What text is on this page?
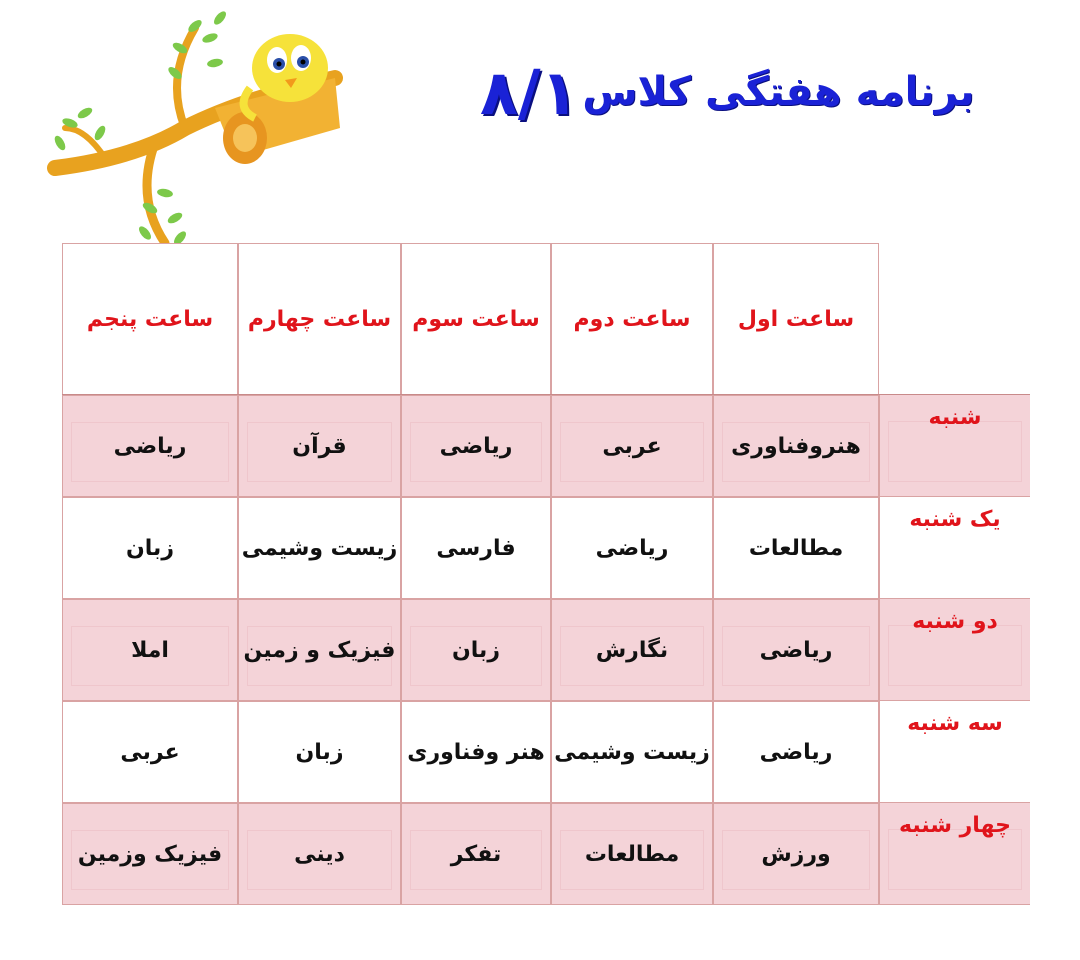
برنامه هفتگی کلاس
۸/۱
ساعت اول
ساعت دوم
ساعت سوم
ساعت چهارم
ساعت پنجم
شنبه
هنروفناوری
عربی
ریاضی
قرآن
ریاضی
یک شنبه
مطالعات
ریاضی
فارسی
زیست وشیمی
زبان
دو شنبه
ریاضی
نگارش
زبان
فیزیک و زمین
املا
سه شنبه
ریاضی
زیست وشیمی
هنر وفناوری
زبان
عربی
چهار شنبه
ورزش
مطالعات
تفکر
دینی
فیزیک وزمین
